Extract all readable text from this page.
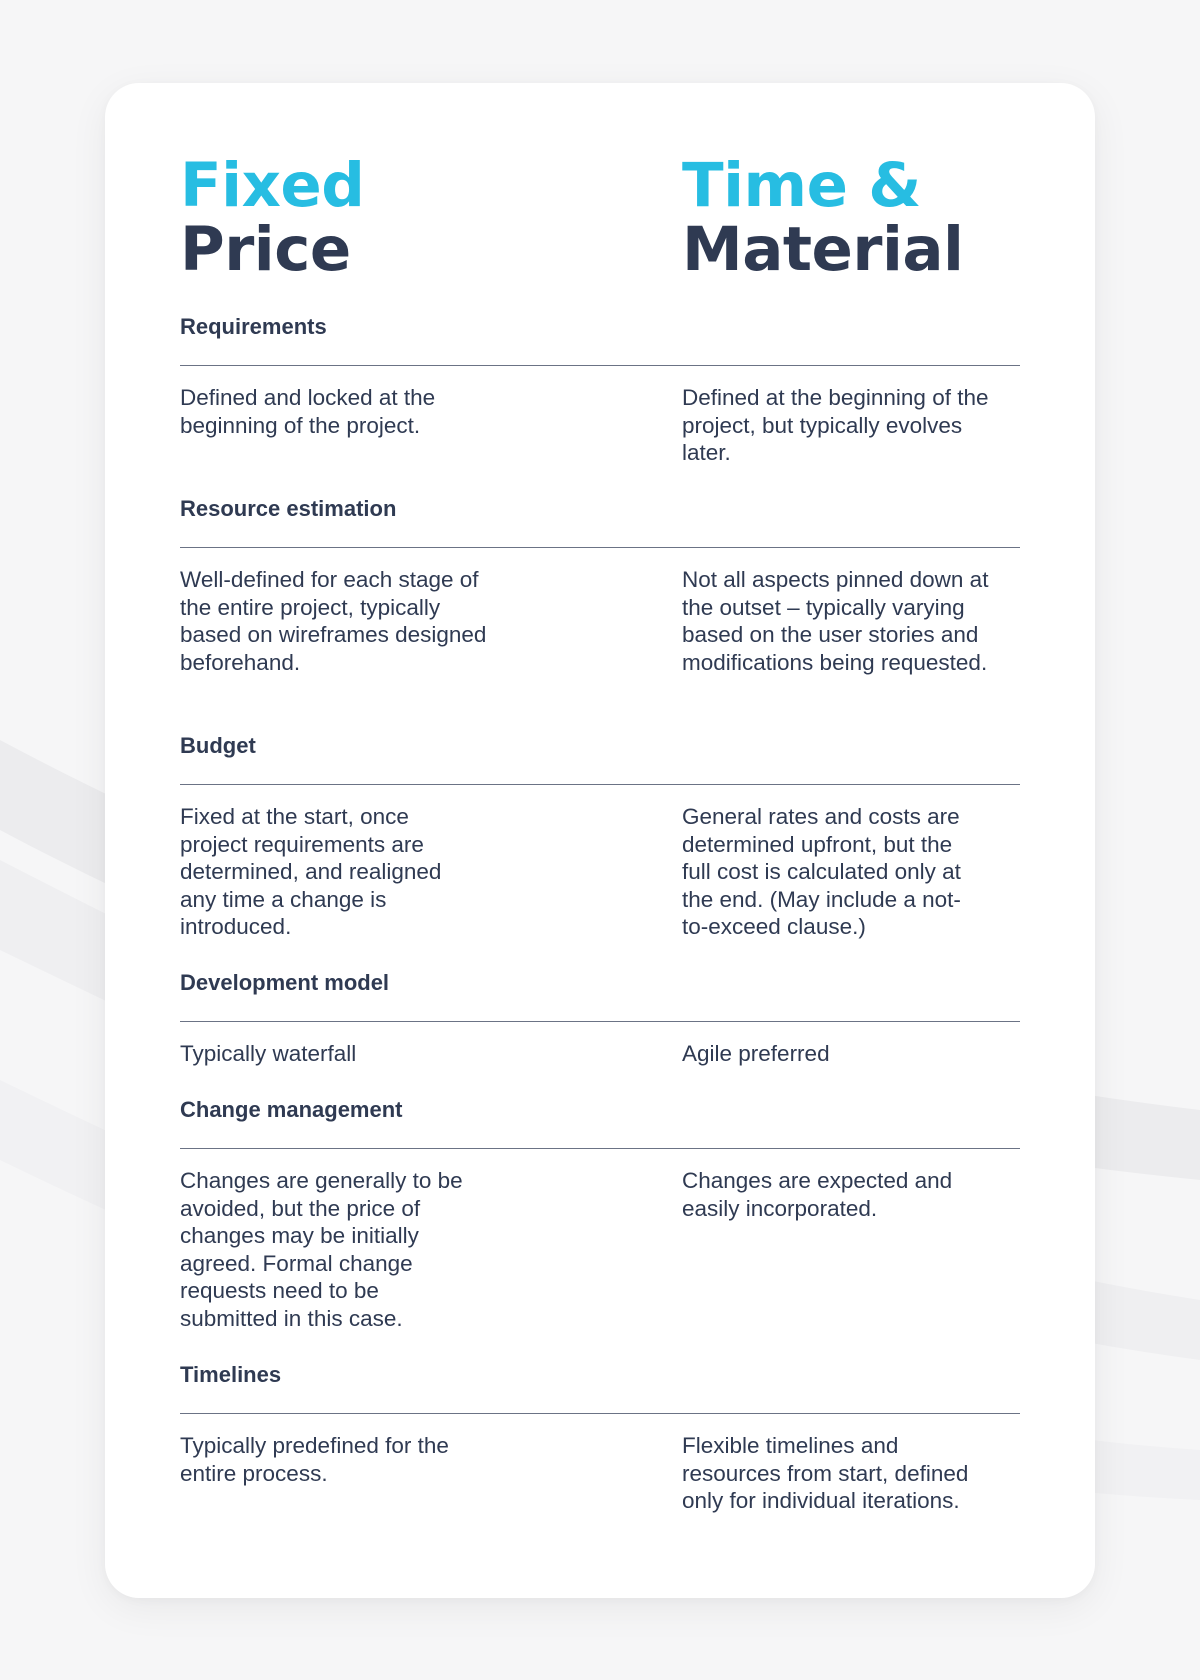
Fixed
Price
Time &
Material
Requirements

Defined and locked at the beginning of the project.

Defined at the beginning of the project, but typically evolves later.

Resource estimation

Well-defined for each stage of the entire project, typically based on wireframes designed beforehand.

Not all aspects pinned down at the outset – typically varying based on the user stories and modifications being requested.

Budget

Fixed at the start, once project requirements are determined, and realigned any time a change is introduced.

General rates and costs are determined upfront, but the full cost is calculated only at the end. (May include a not-to-exceed clause.)

Development model

Typically waterfall	Agile preferred

Change management

Changes are generally to be avoided, but the price of changes may be initially agreed. Formal change requests need to be submitted in this case.

Changes are expected and easily incorporated.

Timelines

Typically predefined for the entire process.

Flexible timelines and resources from start, defined only for individual iterations.
